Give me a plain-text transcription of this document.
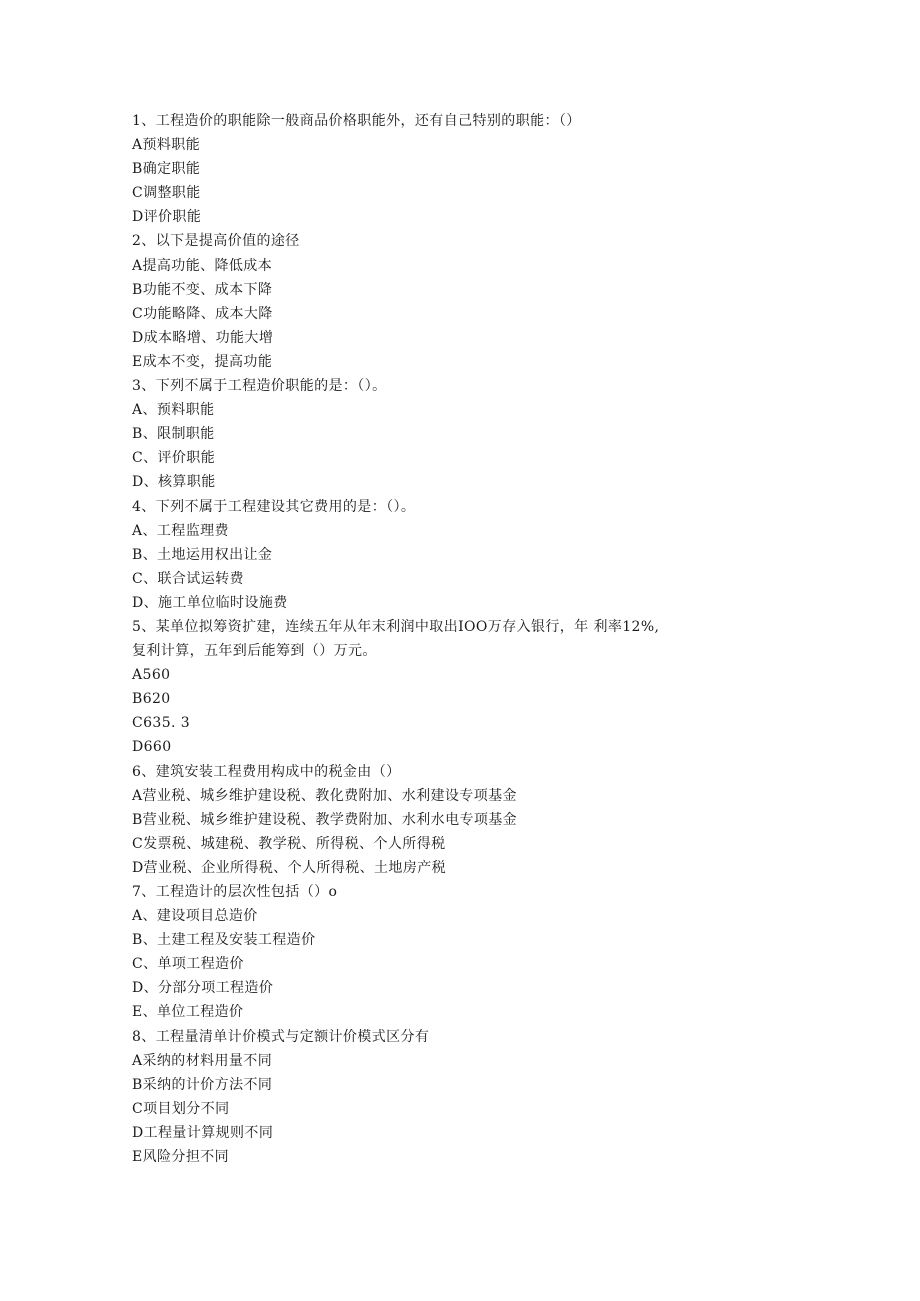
1、工程造价的职能除一般商品价格职能外，还有自己特别的职能：（）
A预料职能
B确定职能
C调整职能
D评价职能
2、以下是提高价值的途径
A提高功能、降低成本
B功能不变、成本下降
C功能略降、成本大降
D成本略增、功能大增
E成本不变，提高功能
3、下列不属于工程造价职能的是：（）。
A、预料职能
B、限制职能
C、评价职能
D、核算职能
4、下列不属于工程建设其它费用的是：（）。
A、工程监理费
B、土地运用权出让金
C、联合试运转费
D、施工单位临时设施费
5、某单位拟筹资扩建，连续五年从年末利润中取出IOO万存入银行，年 利率12%,
复利计算，五年到后能筹到（）万元。
A560
B620
C635. 3
D660
6、建筑安装工程费用构成中的税金由（）
A营业税、城乡维护建设税、教化费附加、水利建设专项基金
B营业税、城乡维护建设税、教学费附加、水利水电专项基金
C发票税、城建税、教学税、所得税、个人所得税
D营业税、企业所得税、个人所得税、土地房产税
7、工程造计的层次性包括（）o
A、建设项目总造价
B、土建工程及安装工程造价
C、单项工程造价
D、分部分项工程造价
E、单位工程造价
8、工程量清单计价模式与定额计价模式区分有
A采纳的材料用量不同
B采纳的计价方法不同
C项目划分不同
D工程量计算规则不同
E风险分担不同
